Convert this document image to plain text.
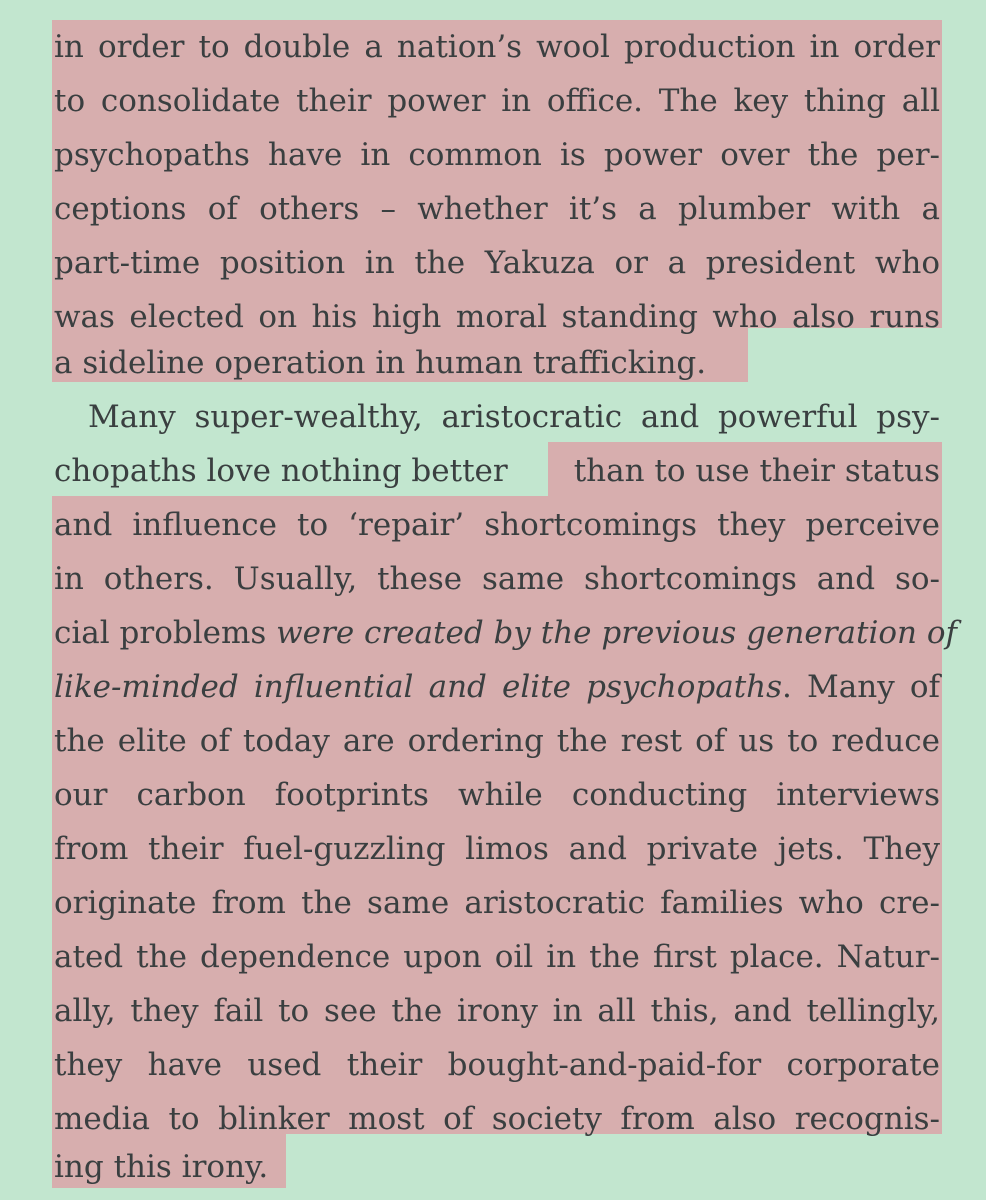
in order to double a nation’s wool production in order
to consolidate their power in office. The key thing all
psychopaths have in common is power over the per-
ceptions of others – whether it’s a plumber with a
part-time position in the Yakuza or a president who
was elected on his high moral standing who also runs
a sideline operation in human trafficking.
Many super-wealthy, aristocratic and powerful psy-
chopaths love nothing better than to use their status
and influence to ‘repair’ shortcomings they perceive
in others. Usually, these same shortcomings and so-
cial problems were created by the previous generation of
like-minded influential and elite psychopaths. Many of
the elite of today are ordering the rest of us to reduce
our carbon footprints while conducting interviews
from their fuel-guzzling limos and private jets. They
originate from the same aristocratic families who cre-
ated the dependence upon oil in the first place. Natur-
ally, they fail to see the irony in all this, and tellingly,
they have used their bought-and-paid-for corporate
media to blinker most of society from also recognis-
ing this irony.
